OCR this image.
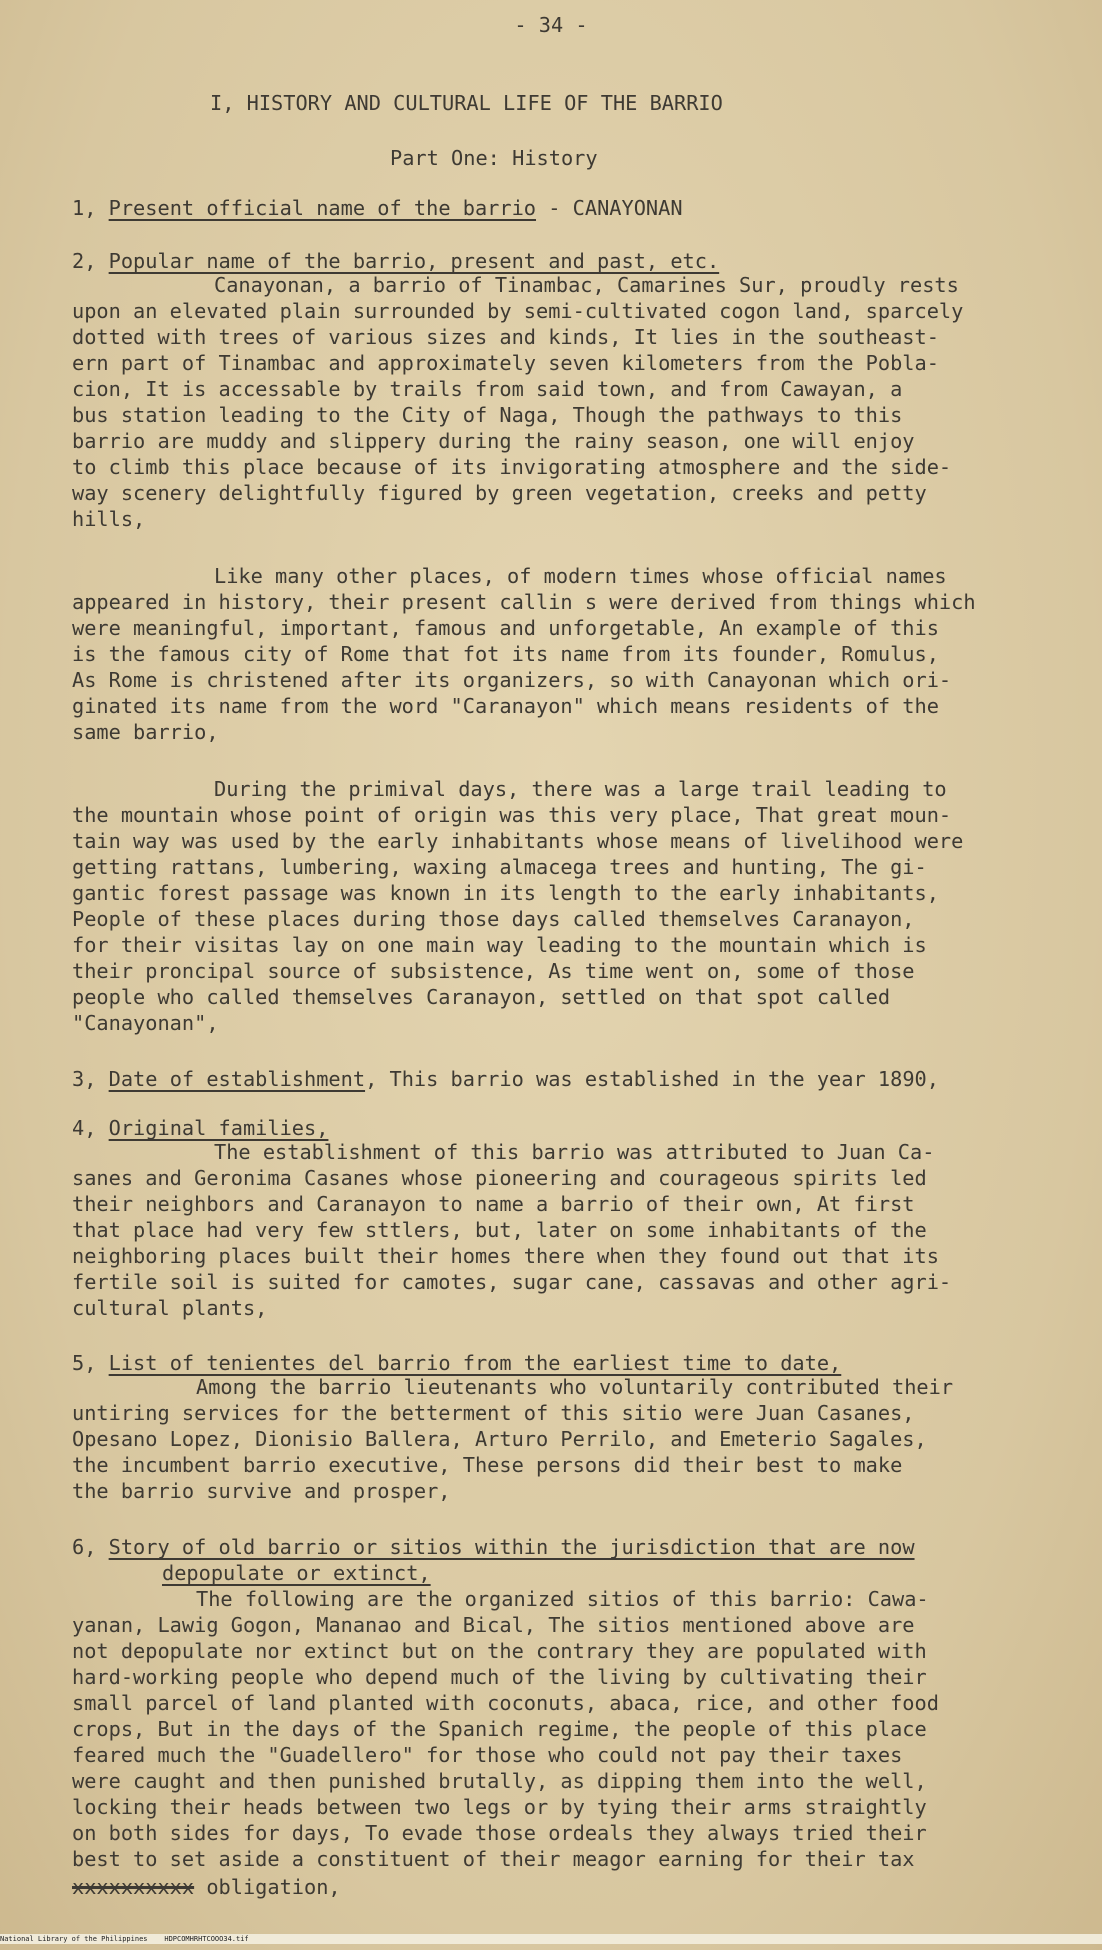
- 34 -
I, HISTORY AND CULTURAL LIFE OF THE BARRIO
Part One: History
1, Present official name of the barrio - CANAYONAN
2, Popular name of the barrio, present and past, etc.
Canayonan, a barrio of Tinambac, Camarines Sur, proudly rests
upon an elevated plain surrounded by semi-cultivated cogon land, sparcely
dotted with trees of various sizes and kinds, It lies in the southeast-
ern part of Tinambac and approximately seven kilometers from the Pobla-
cion, It is accessable by trails from said town, and from Cawayan, a
bus station leading to the City of Naga, Though the pathways to this
barrio are muddy and slippery during the rainy season, one will enjoy
to climb this place because of its invigorating atmosphere and the side-
way scenery delightfully figured by green vegetation, creeks and petty
hills,
Like many other places, of modern times whose official names
appeared in history, their present callin s were derived from things which
were meaningful, important, famous and unforgetable, An example of this
is the famous city of Rome that fot its name from its founder, Romulus,
As Rome is christened after its organizers, so with Canayonan which ori-
ginated its name from the word "Caranayon" which means residents of the
same barrio,
During the primival days, there was a large trail leading to
the mountain whose point of origin was this very place, That great moun-
tain way was used by the early inhabitants whose means of livelihood were
getting rattans, lumbering, waxing almacega trees and hunting, The gi-
gantic forest passage was known in its length to the early inhabitants,
People of these places during those days called themselves Caranayon,
for their visitas lay on one main way leading to the mountain which is
their proncipal source of subsistence, As time went on, some of those
people who called themselves Caranayon, settled on that spot called
"Canayonan",
3, Date of establishment, This barrio was established in the year 1890,
4, Original families,
The establishment of this barrio was attributed to Juan Ca-
sanes and Geronima Casanes whose pioneering and courageous spirits led
their neighbors and Caranayon to name a barrio of their own, At first
that place had very few sttlers, but, later on some inhabitants of the
neighboring places built their homes there when they found out that its
fertile soil is suited for camotes, sugar cane, cassavas and other agri-
cultural plants,
5, List of tenientes del barrio from the earliest time to date,
Among the barrio lieutenants who voluntarily contributed their
untiring services for the betterment of this sitio were Juan Casanes,
Opesano Lopez, Dionisio Ballera, Arturo Perrilo, and Emeterio Sagales,
the incumbent barrio executive, These persons did their best to make
the barrio survive and prosper,
6, Story of old barrio or sitios within the jurisdiction that are now
depopulate or extinct,
The following are the organized sitios of this barrio: Cawa-
yanan, Lawig Gogon, Mananao and Bical, The sitios mentioned above are
not depopulate nor extinct but on the contrary they are populated with
hard-working people who depend much of the living by cultivating their
small parcel of land planted with coconuts, abaca, rice, and other food
crops, But in the days of the Spanich regime, the people of this place
feared much the "Guadellero" for those who could not pay their taxes
were caught and then punished brutally, as dipping them into the well,
locking their heads between two legs or by tying their arms straightly
on both sides for days, To evade those ordeals they always tried their
best to set aside a constituent of their meagor earning for their tax
xxxxxxxxxx obligation,
National Library of the Philippines    HDPCOMHRHTCOOO34.tif
